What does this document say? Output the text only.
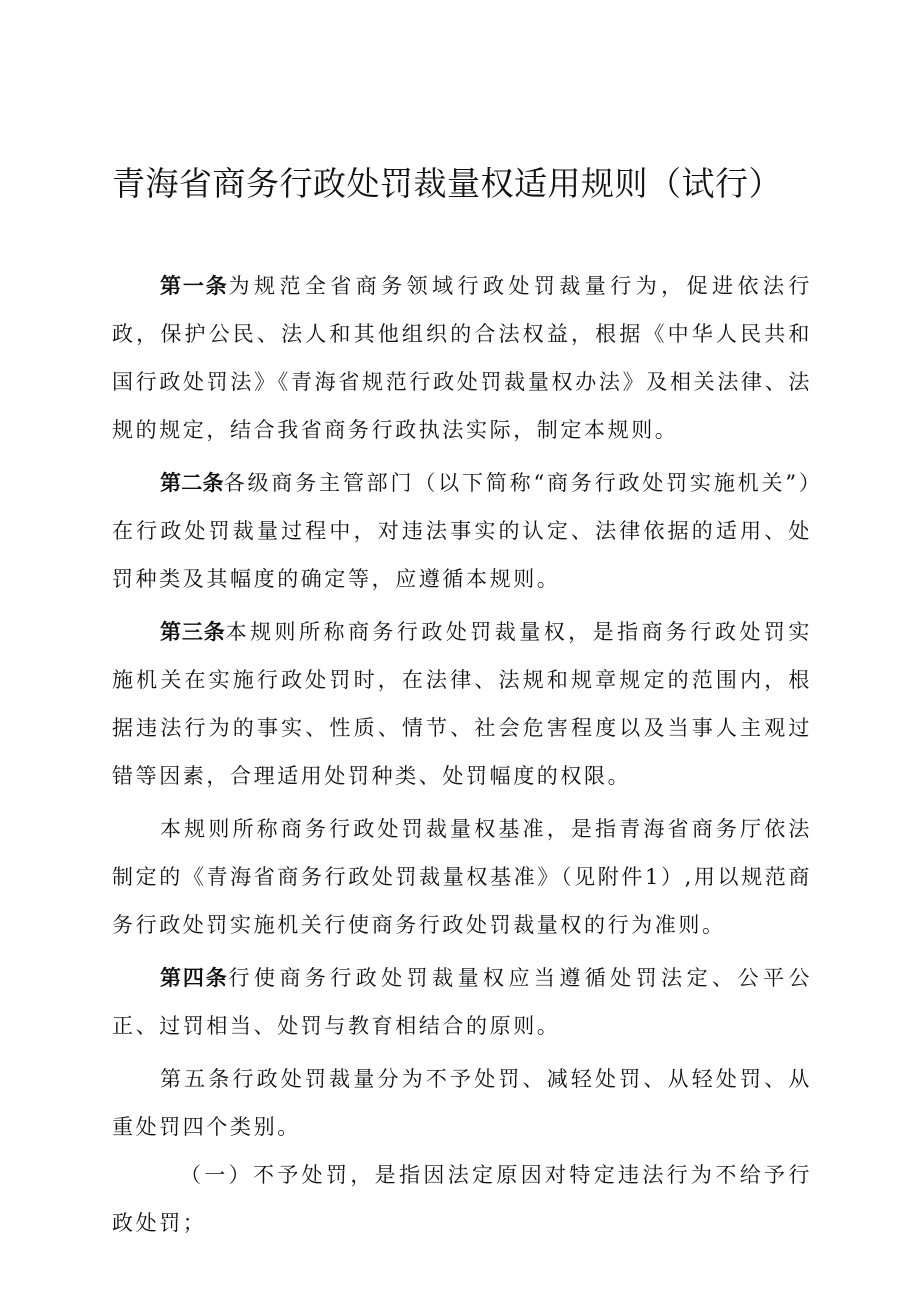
青海省商务行政处罚裁量权适用规则（试行）

第一条为规范全省商务领域行政处罚裁量行为，促进依法行政，保护公民、法人和其他组织的合法权益，根据《中华人民共和国行政处罚法》《青海省规范行政处罚裁量权办法》及相关法律、法规的规定，结合我省商务行政执法实际，制定本规则。

第二条各级商务主管部门（以下简称“商务行政处罚实施机关”）在行政处罚裁量过程中，对违法事实的认定、法律依据的适用、处罚种类及其幅度的确定等，应遵循本规则。

第三条本规则所称商务行政处罚裁量权，是指商务行政处罚实施机关在实施行政处罚时，在法律、法规和规章规定的范围内，根据违法行为的事实、性质、情节、社会危害程度以及当事人主观过错等因素，合理适用处罚种类、处罚幅度的权限。

本规则所称商务行政处罚裁量权基准，是指青海省商务厅依法制定的《青海省商务行政处罚裁量权基准》（见附件1）,用以规范商务行政处罚实施机关行使商务行政处罚裁量权的行为准则。

第四条行使商务行政处罚裁量权应当遵循处罚法定、公平公正、过罚相当、处罚与教育相结合的原则。

第五条行政处罚裁量分为不予处罚、减轻处罚、从轻处罚、从重处罚四个类别。

（一）不予处罚，是指因法定原因对特定违法行为不给予行政处罚；
